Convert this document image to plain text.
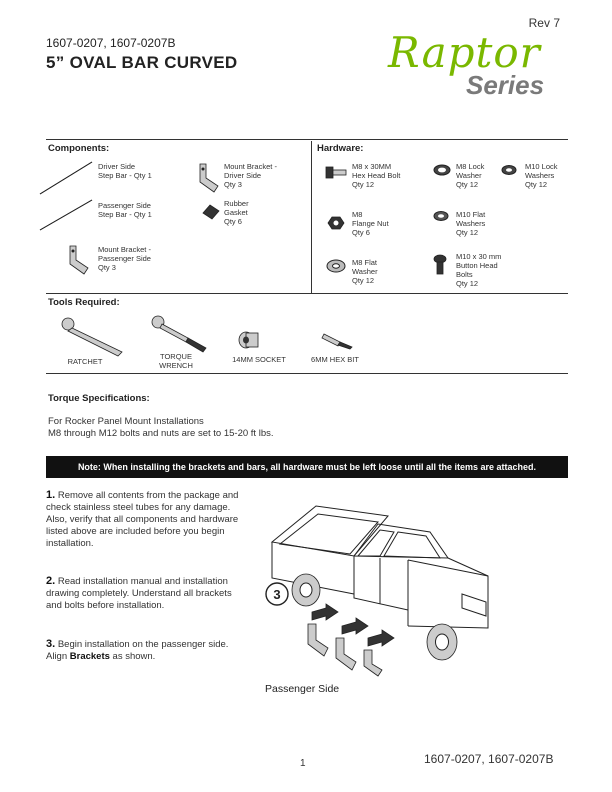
Rev 7
1607-0207, 1607-0207B
5” OVAL BAR CURVED	Raptor
Series
Components:
Driver Side
Step Bar - Qty 1
Passenger Side
Step Bar - Qty 1
Mount Bracket -
Passenger Side
Qty 3
Mount Bracket -
Driver Side
Qty 3
Rubber
Gasket
Qty 6
Hardware:
M8 x 30MM
Hex Head Bolt
Qty 12
M8
Flange Nut
Qty 6
M8 Flat
Washer
Qty 12
M8 Lock
Washer
Qty 12
M10 Flat
Washers
Qty 12
M10 x 30 mm
Button Head
Bolts
Qty 12
M10 Lock
Washers
Qty 12
Tools Required:
RATCHET
TORQUE
WRENCH
14MM SOCKET	6MM HEX BIT
Torque Specifications:
For Rocker Panel Mount Installations
M8 through M12 bolts and nuts are set to 15-20 ft lbs.
Note: When installing the brackets and bars, all hardware must be left loose until all the items are attached.
1. Remove all contents from the package and check stainless steel tubes for any damage. Also, verify that all components and hardware listed above are included before you begin installation.
2. Read installation manual and installation drawing completely. Understand all brackets and bolts before installation.
3. Begin installation on the passenger side. Align Brackets as shown.
3
Passenger Side
1	1607-0207, 1607-0207B
